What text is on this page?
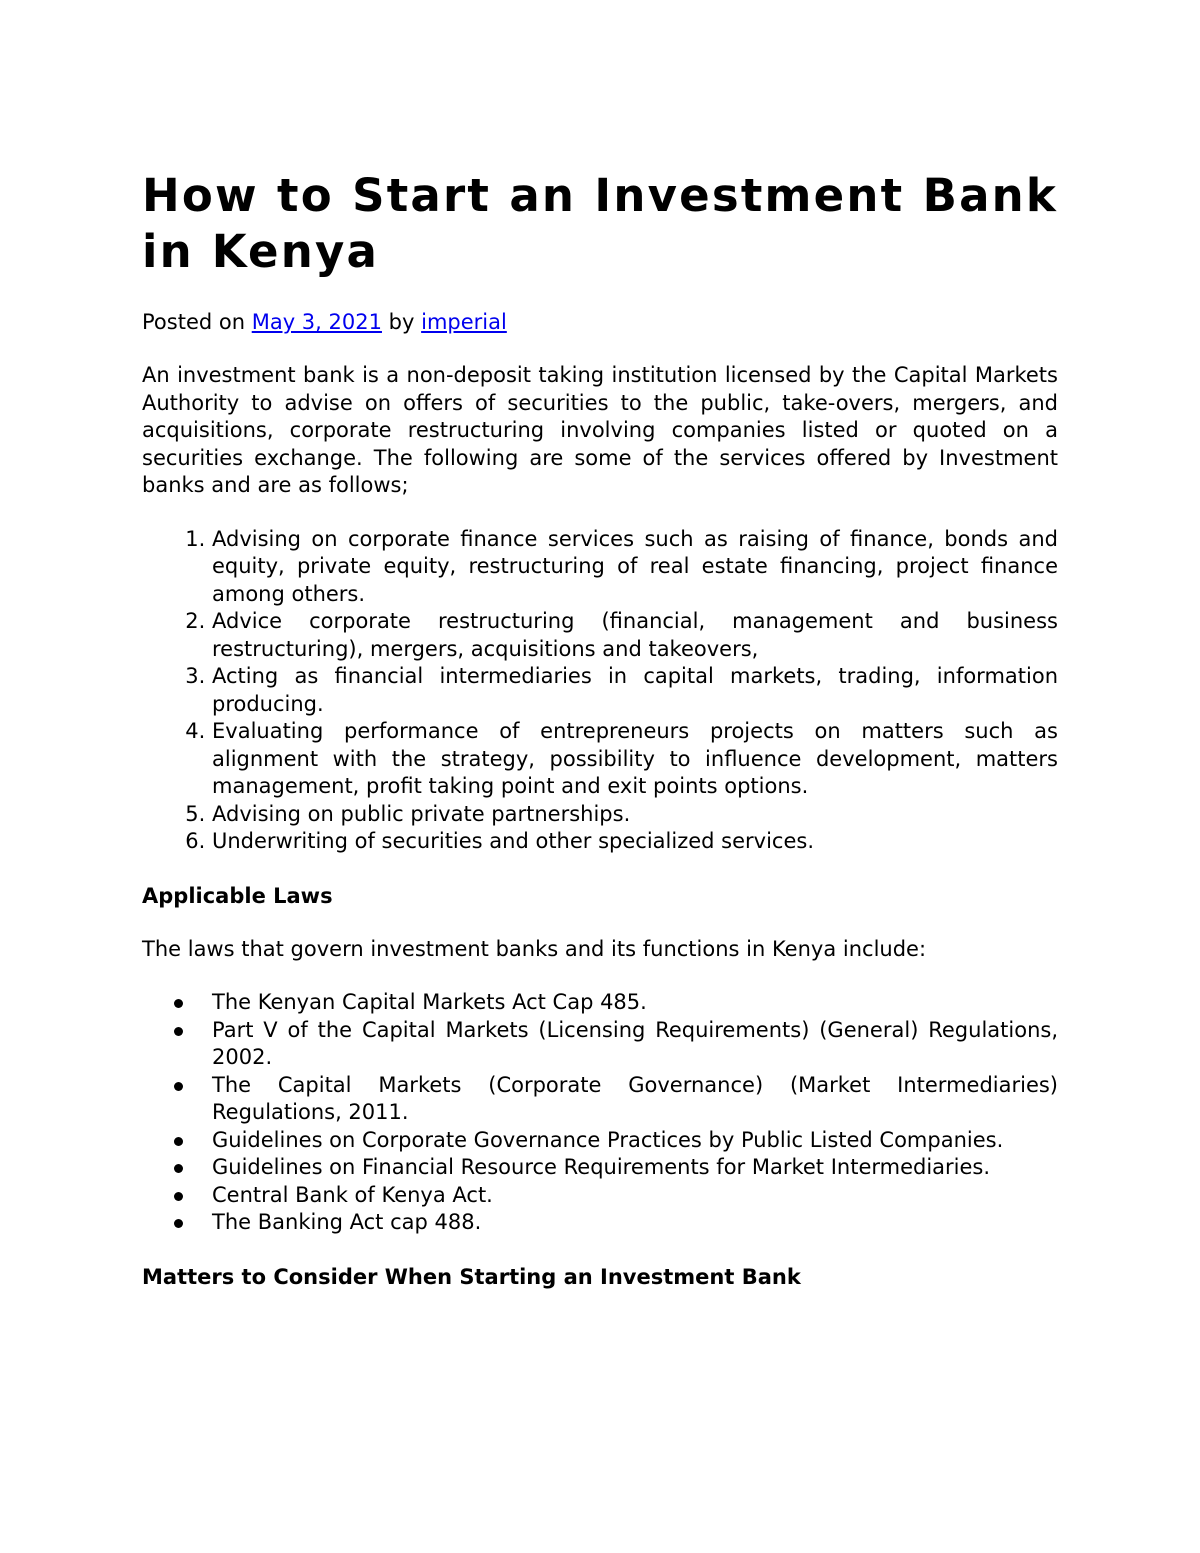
How to Start an Investment Bank in Kenya
Posted on May 3, 2021 by imperial

An investment bank is a non-deposit taking institution licensed by the Capital Markets Authority to advise on offers of securities to the public, take-overs, mergers, and acquisitions, corporate restructuring involving companies listed or quoted on a securities exchange. The following are some of the services offered by Investment banks and are as follows;

1. Advising on corporate finance services such as raising of finance, bonds and equity, private equity, restructuring of real estate financing, project finance among others.
2. Advice corporate restructuring (financial, management and business restructuring), mergers, acquisitions and takeovers,
3. Acting as financial intermediaries in capital markets, trading, information producing.
4. Evaluating performance of entrepreneurs projects on matters such as alignment with the strategy, possibility to influence development, matters management, profit taking point and exit points options.
5. Advising on public private partnerships.
6. Underwriting of securities and other specialized services.
Applicable Laws

The laws that govern investment banks and its functions in Kenya include:

The Kenyan Capital Markets Act Cap 485.
Part V of the Capital Markets (Licensing Requirements) (General) Regulations, 2002.
The Capital Markets (Corporate Governance) (Market Intermediaries) Regulations, 2011.
Guidelines on Corporate Governance Practices by Public Listed Companies.
Guidelines on Financial Resource Requirements for Market Intermediaries.
Central Bank of Kenya Act.
The Banking Act cap 488.
Matters to Consider When Starting an Investment Bank
